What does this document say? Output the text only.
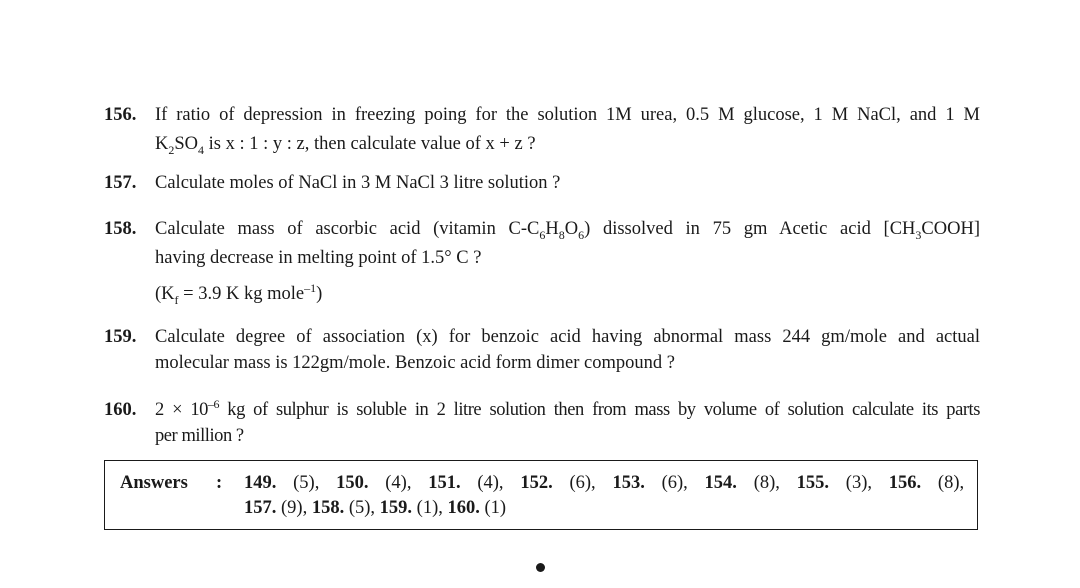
156. If ratio of depression in freezing poing for the solution 1M urea, 0.5 M glucose, 1 M NaCl, and 1 M
$K_2SO_4$ is x : 1 : y : z, then calculate value of x + z ?
157. Calculate moles of NaCl in 3 M NaCl 3 litre solution ?
158. Calculate mass of ascorbic acid (vitamin $C-C_6H_8O_6$) dissolved in 75 gm Acetic acid $[CH_3COOH]$
having decrease in melting point of 1.5° C ?
($K_f = 3.9$ K kg mole$^{-1}$)
159. Calculate degree of association (x) for benzoic acid having abnormal mass 244 gm/mole and actual
molecular mass is 122gm/mole. Benzoic acid form dimer compound ?
160. $2 \times 10^{-6}$ kg of sulphur is soluble in 2 litre solution then from mass by volume of solution calculate its parts
per million ?
Answers : 149. (5), 150. (4), 151. (4), 152. (6), 153. (6), 154. (8), 155. (3), 156. (8),
157. (9), 158. (5), 159. (1), 160. (1)
